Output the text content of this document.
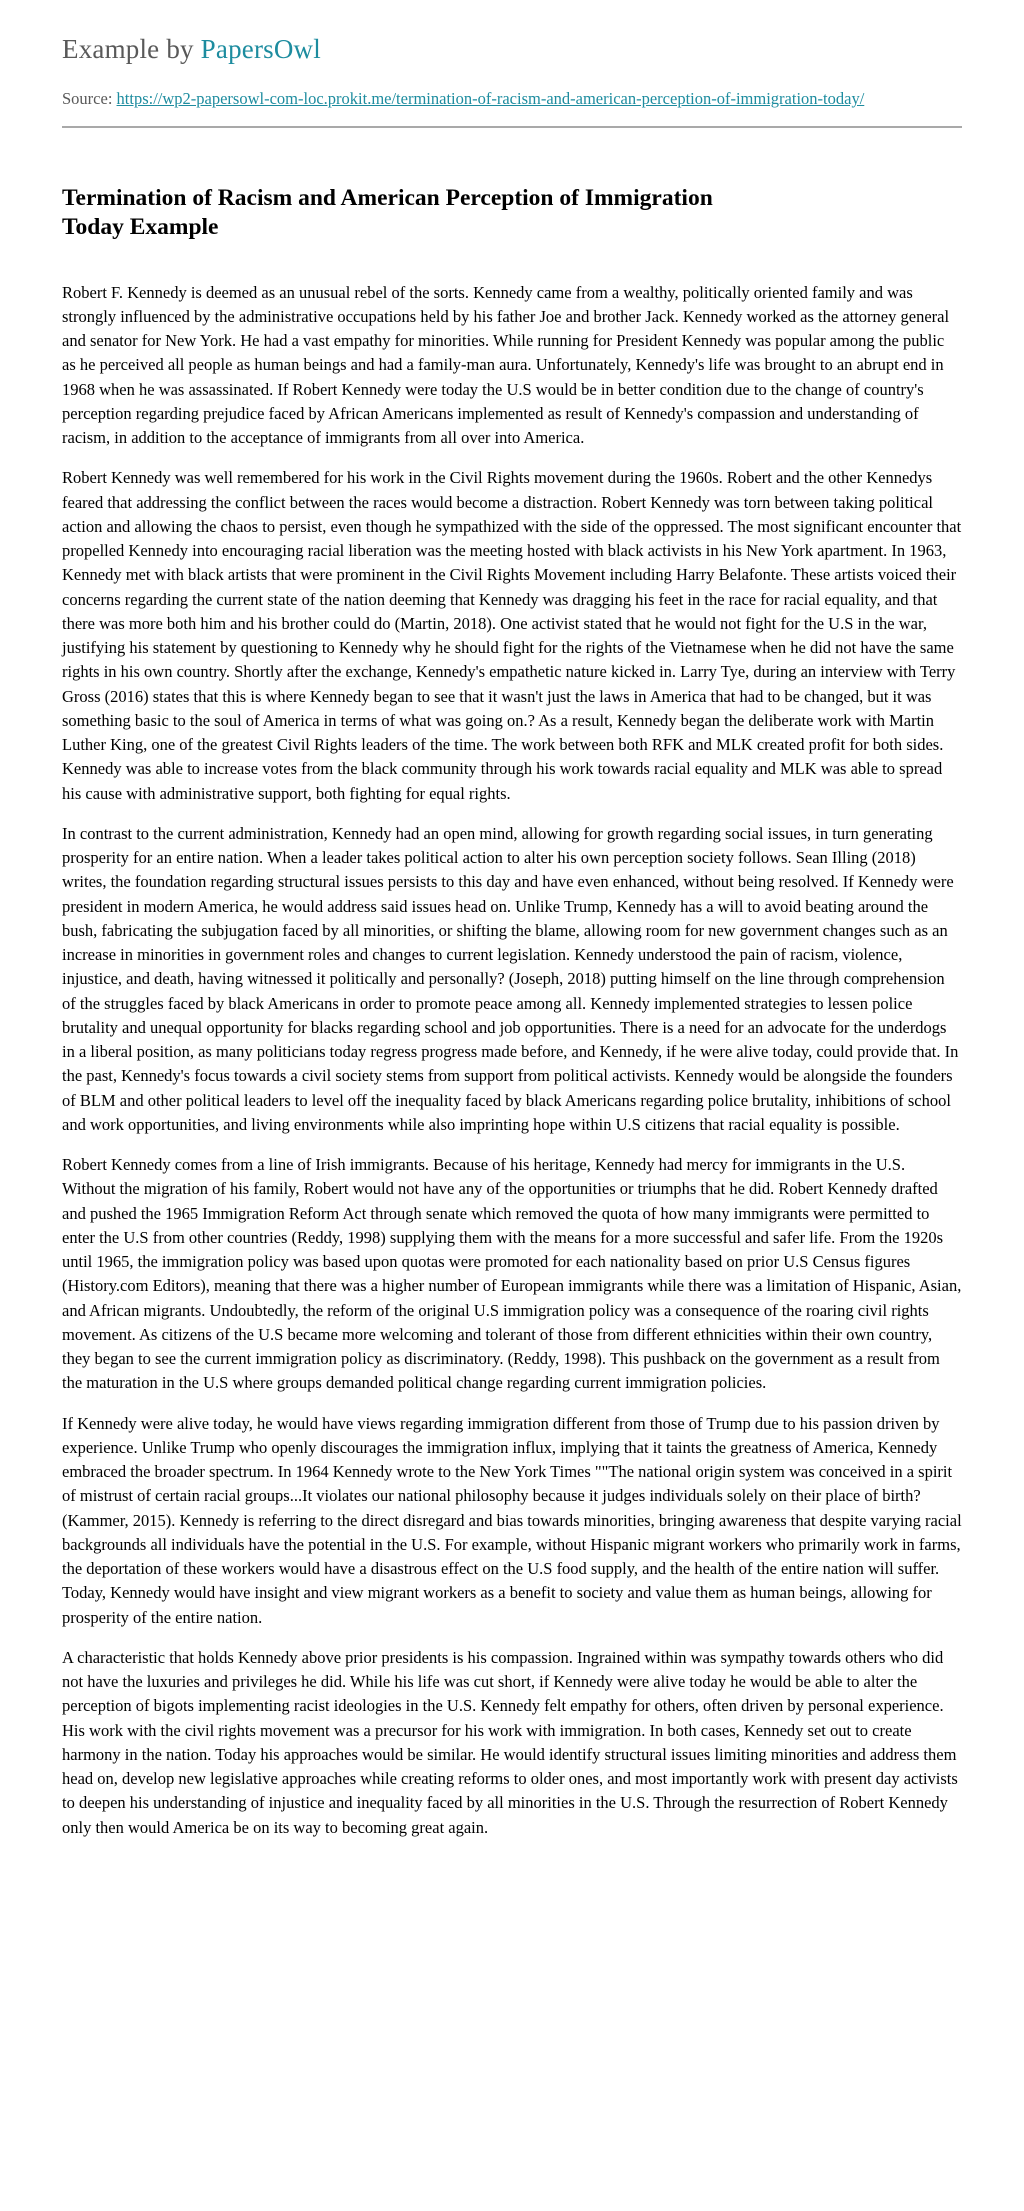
Example by PapersOwl

Source: https://wp2-papersowl-com-loc.prokit.me/termination-of-racism-and-american-perception-of-immigration-today/

Termination of Racism and American Perception of Immigration Today Example

Robert F. Kennedy is deemed as an unusual rebel of the sorts. Kennedy came from a wealthy, politically oriented family and was strongly influenced by the administrative occupations held by his father Joe and brother Jack. Kennedy worked as the attorney general and senator for New York. He had a vast empathy for minorities. While running for President Kennedy was popular among the public as he perceived all people as human beings and had a family-man aura. Unfortunately, Kennedy's life was brought to an abrupt end in 1968 when he was assassinated. If Robert Kennedy were today the U.S would be in better condition due to the change of country's perception regarding prejudice faced by African Americans implemented as result of Kennedy's compassion and understanding of racism, in addition to the acceptance of immigrants from all over into America.

Robert Kennedy was well remembered for his work in the Civil Rights movement during the 1960s. Robert and the other Kennedys feared that addressing the conflict between the races would become a distraction. Robert Kennedy was torn between taking political action and allowing the chaos to persist, even though he sympathized with the side of the oppressed. The most significant encounter that propelled Kennedy into encouraging racial liberation was the meeting hosted with black activists in his New York apartment. In 1963, Kennedy met with black artists that were prominent in the Civil Rights Movement including Harry Belafonte. These artists voiced their concerns regarding the current state of the nation deeming that Kennedy was dragging his feet in the race for racial equality, and that there was more both him and his brother could do (Martin, 2018). One activist stated that he would not fight for the U.S in the war, justifying his statement by questioning to Kennedy why he should fight for the rights of the Vietnamese when he did not have the same rights in his own country. Shortly after the exchange, Kennedy's empathetic nature kicked in. Larry Tye, during an interview with Terry Gross (2016) states that this is where Kennedy began to see that it wasn't just the laws in America that had to be changed, but it was something basic to the soul of America in terms of what was going on.? As a result, Kennedy began the deliberate work with Martin Luther King, one of the greatest Civil Rights leaders of the time. The work between both RFK and MLK created profit for both sides. Kennedy was able to increase votes from the black community through his work towards racial equality and MLK was able to spread his cause with administrative support, both fighting for equal rights.

In contrast to the current administration, Kennedy had an open mind, allowing for growth regarding social issues, in turn generating prosperity for an entire nation. When a leader takes political action to alter his own perception society follows. Sean Illing (2018) writes, the foundation regarding structural issues persists to this day and have even enhanced, without being resolved. If Kennedy were president in modern America, he would address said issues head on. Unlike Trump, Kennedy has a will to avoid beating around the bush, fabricating the subjugation faced by all minorities, or shifting the blame, allowing room for new government changes such as an increase in minorities in government roles and changes to current legislation. Kennedy understood the pain of racism, violence, injustice, and death, having witnessed it politically and personally? (Joseph, 2018) putting himself on the line through comprehension of the struggles faced by black Americans in order to promote peace among all. Kennedy implemented strategies to lessen police brutality and unequal opportunity for blacks regarding school and job opportunities. There is a need for an advocate for the underdogs in a liberal position, as many politicians today regress progress made before, and Kennedy, if he were alive today, could provide that. In the past, Kennedy's focus towards a civil society stems from support from political activists. Kennedy would be alongside the founders of BLM and other political leaders to level off the inequality faced by black Americans regarding police brutality, inhibitions of school and work opportunities, and living environments while also imprinting hope within U.S citizens that racial equality is possible.

Robert Kennedy comes from a line of Irish immigrants. Because of his heritage, Kennedy had mercy for immigrants in the U.S. Without the migration of his family, Robert would not have any of the opportunities or triumphs that he did. Robert Kennedy drafted and pushed the 1965 Immigration Reform Act through senate which removed the quota of how many immigrants were permitted to enter the U.S from other countries (Reddy, 1998) supplying them with the means for a more successful and safer life. From the 1920s until 1965, the immigration policy was based upon quotas were promoted for each nationality based on prior U.S Census figures (History.com Editors), meaning that there was a higher number of European immigrants while there was a limitation of Hispanic, Asian, and African migrants. Undoubtedly, the reform of the original U.S immigration policy was a consequence of the roaring civil rights movement. As citizens of the U.S became more welcoming and tolerant of those from different ethnicities within their own country, they began to see the current immigration policy as discriminatory. (Reddy, 1998). This pushback on the government as a result from the maturation in the U.S where groups demanded political change regarding current immigration policies.

If Kennedy were alive today, he would have views regarding immigration different from those of Trump due to his passion driven by experience. Unlike Trump who openly discourages the immigration influx, implying that it taints the greatness of America, Kennedy embraced the broader spectrum. In 1964 Kennedy wrote to the New York Times ""The national origin system was conceived in a spirit of mistrust of certain racial groups...It violates our national philosophy because it judges individuals solely on their place of birth? (Kammer, 2015). Kennedy is referring to the direct disregard and bias towards minorities, bringing awareness that despite varying racial backgrounds all individuals have the potential in the U.S. For example, without Hispanic migrant workers who primarily work in farms, the deportation of these workers would have a disastrous effect on the U.S food supply, and the health of the entire nation will suffer. Today, Kennedy would have insight and view migrant workers as a benefit to society and value them as human beings, allowing for prosperity of the entire nation.

A characteristic that holds Kennedy above prior presidents is his compassion. Ingrained within was sympathy towards others who did not have the luxuries and privileges he did. While his life was cut short, if Kennedy were alive today he would be able to alter the perception of bigots implementing racist ideologies in the U.S. Kennedy felt empathy for others, often driven by personal experience. His work with the civil rights movement was a precursor for his work with immigration. In both cases, Kennedy set out to create harmony in the nation. Today his approaches would be similar. He would identify structural issues limiting minorities and address them head on, develop new legislative approaches while creating reforms to older ones, and most importantly work with present day activists to deepen his understanding of injustice and inequality faced by all minorities in the U.S. Through the resurrection of Robert Kennedy only then would America be on its way to becoming great again.
